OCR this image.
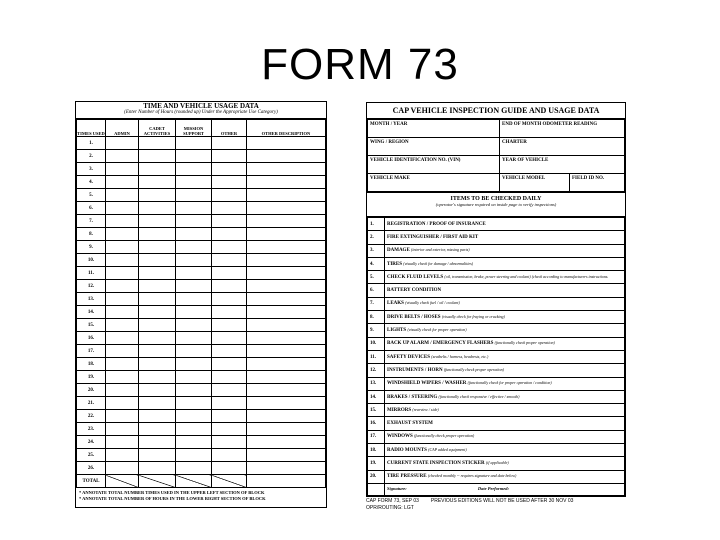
FORM 73
TIME AND VEHICLE USAGE DATA
(Enter Number of Hours (rounded up) Under the Appropriate Use Category)
TIMES USED	ADMIN	CADET ACTIVITIES	MISSION SUPPORT	OTHER	OTHER DESCRIPTION
1.					
2.					
3.					
4.					
5.					
6.					
7.					
8.					
9.					
10.					
11.					
12.					
13.					
14.					
15.					
16.					
17.					
18.					
19.					
20.					
21.					
22.					
23.					
24.					
25.					
26.					
TOTAL					
* ANNOTATE TOTAL NUMBER TIMES USED IN THE UPPER LEFT SECTION OF BLOCK
* ANNOTATE TOTAL NUMBER OF HOURS IN THE LOWER RIGHT SECTION OF BLOCK
CAP VEHICLE INSPECTION GUIDE AND USAGE DATA
MONTH / YEAR	END OF MONTH ODOMETER READING	
WING / REGION	CHARTER	
VEHICLE IDENTIFICATION NO. (VIN)	YEAR OF VEHICLE	
VEHICLE MAKE	VEHICLE MODEL	FIELD ID NO.
ITEMS TO BE CHECKED DAILY
(operator's signature required on inside page to verify inspections)
1.	REGISTRATION / PROOF OF INSURANCE
2.	FIRE EXTINGUISHER / FIRST AID KIT
3.	DAMAGE (interior and exterior, missing parts)
4.	TIRES (visually check for damage / abnormalities)
5.	CHECK FLUID LEVELS (oil, transmission, brake, power steering and coolant) (check according to manufacturers instructions.
6.	BATTERY CONDITION
7.	LEAKS (visually check fuel / oil / coolant)
8.	DRIVE BELTS / HOSES (visually check for fraying or cracking)
9.	LIGHTS (visually check for proper operation)
10.	BACK UP ALARM / EMERGENCY FLASHERS (functionally check proper operation)
11.	SAFETY DEVICES (seatbelts / harness, headrests, etc.)
12.	INSTRUMENTS / HORN (functionally check proper operation)
13.	WINDSHIELD WIPERS / WASHER (functionally check for proper operation / condition)
14.	BRAKES / STEERING (functionally check responsive / effective / smooth)
15.	MIRRORS (rearview / side)
16.	EXHAUST SYSTEM
17.	WINDOWS (functionally check proper operation)
18.	RADIO MOUNTS (CAP added equipment)
19.	CURRENT STATE INSPECTION STICKER (if applicable)
20.	TIRE PRESSURE (checked monthly -- requires signature and date below)
	Signature: Date Performed:
CAP FORM 73, SEP 03 PREVIOUS EDITIONS WILL NOT BE USED AFTER 30 NOV 03
OPR/ROUTING: LGT
